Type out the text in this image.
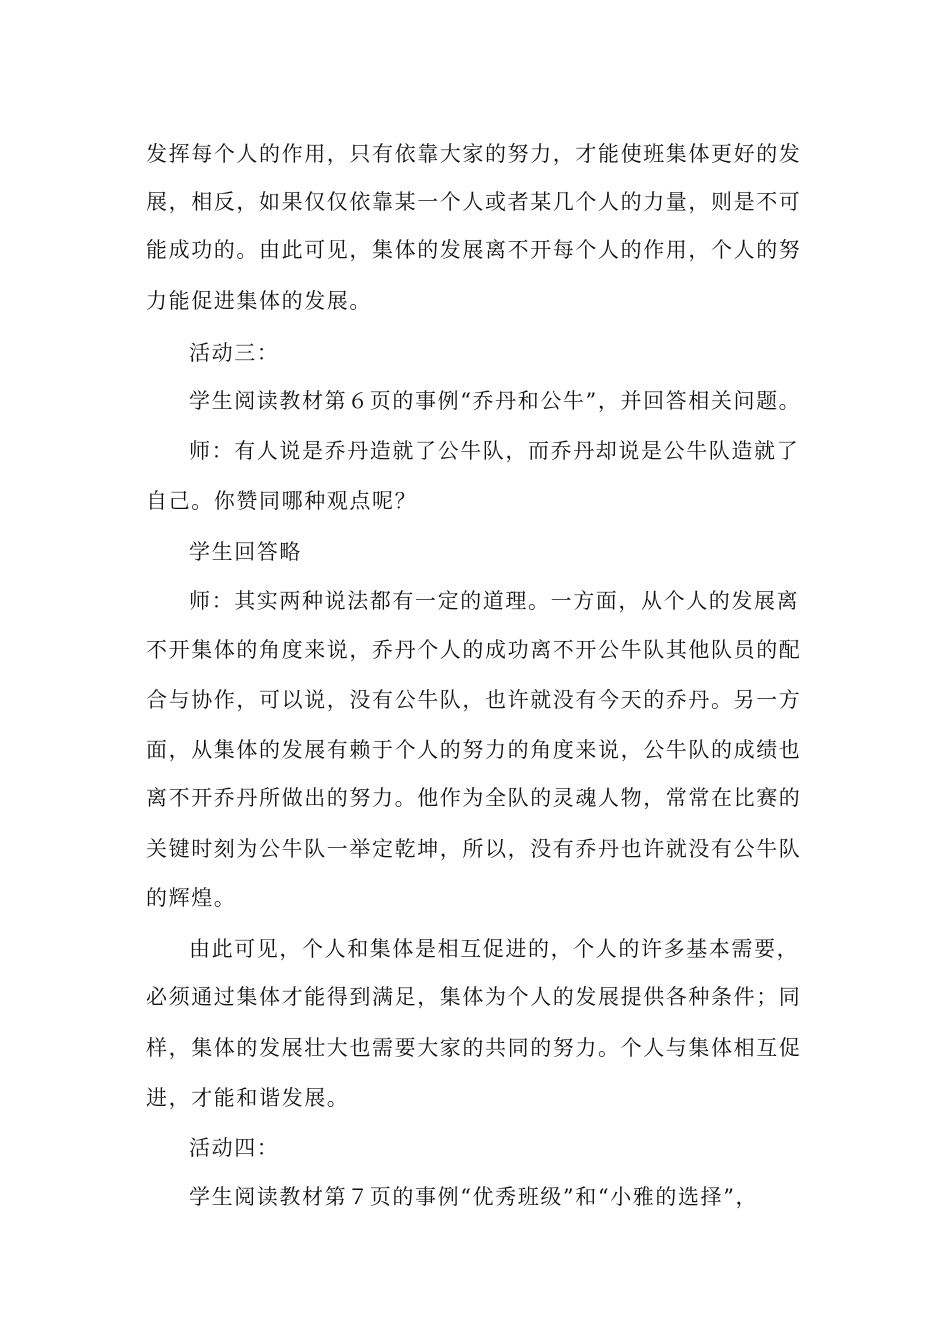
发挥每个人的作用，只有依靠大家的努力，才能使班集体更好的发
展，相反，如果仅仅依靠某一个人或者某几个人的力量，则是不可
能成功的。由此可见，集体的发展离不开每个人的作用，个人的努
力能促进集体的发展。
活动三：
学生阅读教材第６页的事例“乔丹和公牛”，并回答相关问题。
师：有人说是乔丹造就了公牛队，而乔丹却说是公牛队造就了
自己。你赞同哪种观点呢？
学生回答略
师：其实两种说法都有一定的道理。一方面，从个人的发展离
不开集体的角度来说，乔丹个人的成功离不开公牛队其他队员的配
合与协作，可以说，没有公牛队，也许就没有今天的乔丹。另一方
面，从集体的发展有赖于个人的努力的角度来说，公牛队的成绩也
离不开乔丹所做出的努力。他作为全队的灵魂人物，常常在比赛的
关键时刻为公牛队一举定乾坤，所以，没有乔丹也许就没有公牛队
的辉煌。
由此可见，个人和集体是相互促进的，个人的许多基本需要，
必须通过集体才能得到满足，集体为个人的发展提供各种条件；同
样，集体的发展壮大也需要大家的共同的努力。个人与集体相互促
进，才能和谐发展。
活动四：
学生阅读教材第７页的事例“优秀班级”和“小雅的选择”，
